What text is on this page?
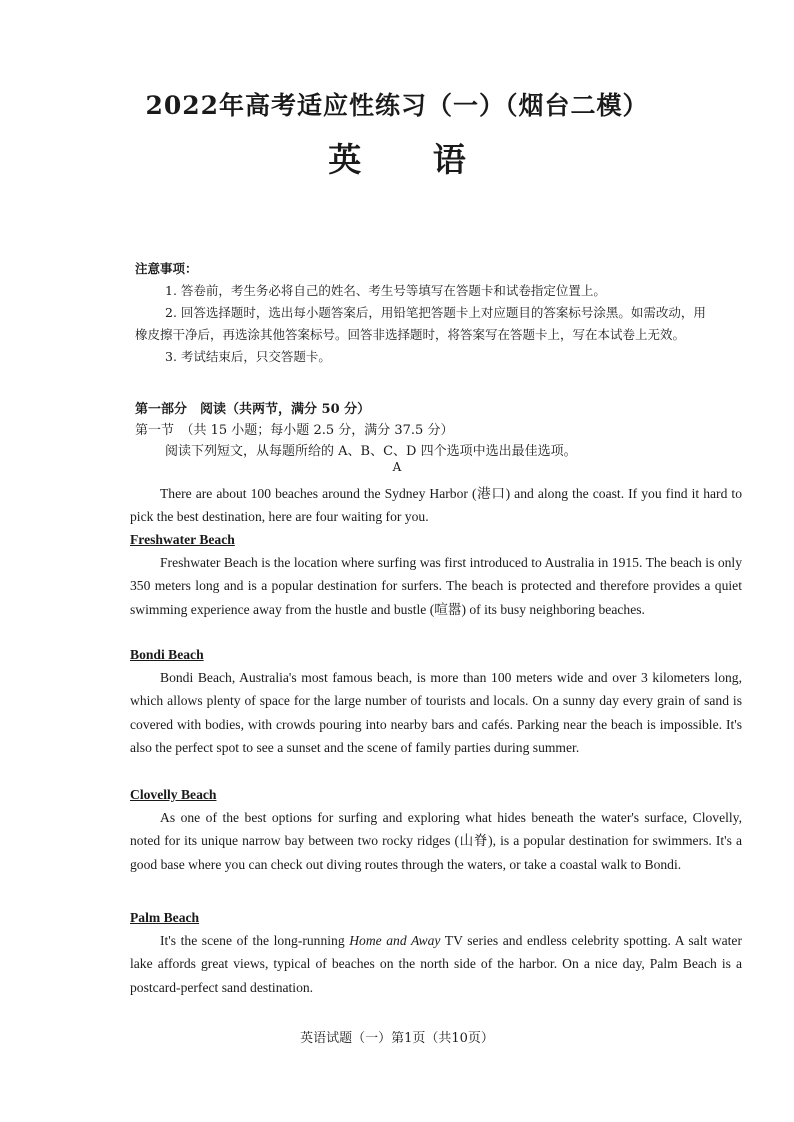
2022年高考适应性练习（一）（烟台二模）
英 语
注意事项：
1. 答卷前，考生务必将自己的姓名、考生号等填写在答题卡和试卷指定位置上。
2. 回答选择题时，选出每小题答案后，用铅笔把答题卡上对应题目的答案标号涂黑。如需改动，用橡皮擦干净后，再选涂其他答案标号。回答非选择题时，将答案写在答题卡上，写在本试卷上无效。
3. 考试结束后，只交答题卡。
第一部分　阅读（共两节，满分 50 分）
第一节　（共 15 小题；每小题 2.5 分，满分 37.5 分）
阅读下列短文，从每题所给的 A、B、C、D 四个选项中选出最佳选项。
A

There are about 100 beaches around the Sydney Harbor (港口) and along the coast. If you find it hard to pick the best destination, here are four waiting for you.

Freshwater Beach

Freshwater Beach is the location where surfing was first introduced to Australia in 1915. The beach is only 350 meters long and is a popular destination for surfers. The beach is protected and therefore provides a quiet swimming experience away from the hustle and bustle (喧嚣) of its busy neighboring beaches.

Bondi Beach

Bondi Beach, Australia's most famous beach, is more than 100 meters wide and over 3 kilometers long, which allows plenty of space for the large number of tourists and locals. On a sunny day every grain of sand is covered with bodies, with crowds pouring into nearby bars and cafés. Parking near the beach is impossible. It's also the perfect spot to see a sunset and the scene of family parties during summer.

Clovelly Beach

As one of the best options for surfing and exploring what hides beneath the water's surface, Clovelly, noted for its unique narrow bay between two rocky ridges (山脊), is a popular destination for swimmers. It's a good base where you can check out diving routes through the waters, or take a coastal walk to Bondi.

Palm Beach

It's the scene of the long-running Home and Away TV series and endless celebrity spotting. A salt water lake affords great views, typical of beaches on the north side of the harbor. On a nice day, Palm Beach is a postcard-perfect sand destination.

英语试题（一）第1页（共10页）
